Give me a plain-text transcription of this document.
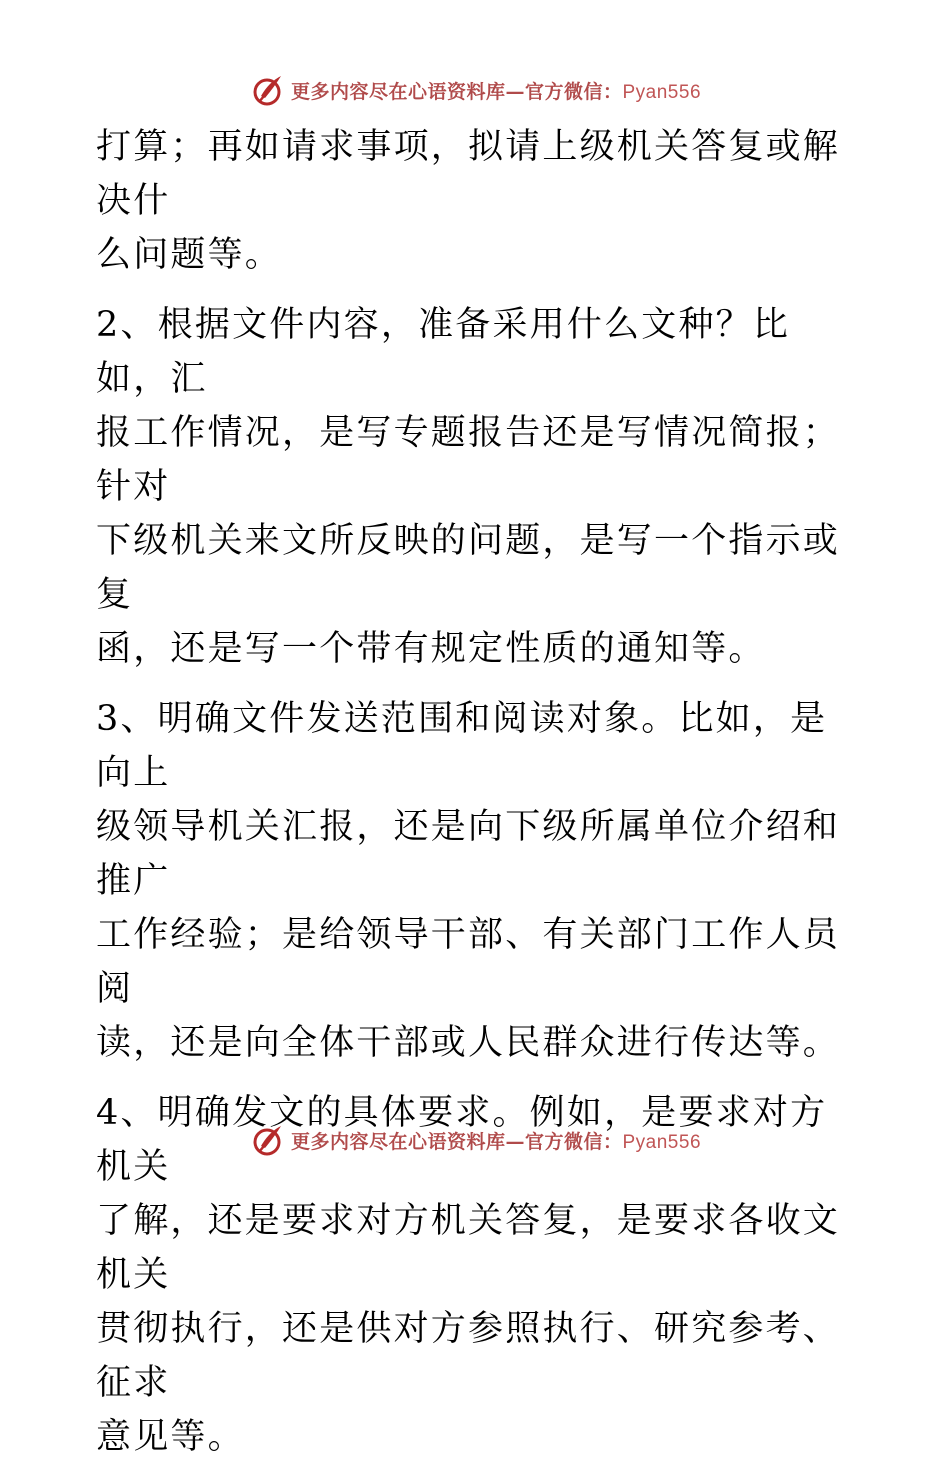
更多内容尽在心语资料库—官方微信：Pyan556

打算；再如请求事项，拟请上级机关答复或解决什
么问题等。

2、根据文件内容，准备采用什么文种？比如，汇
报工作情况，是写专题报告还是写情况简报；针对
下级机关来文所反映的问题，是写一个指示或复
函，还是写一个带有规定性质的通知等。

3、明确文件发送范围和阅读对象。比如，是向上
级领导机关汇报，还是向下级所属单位介绍和推广
工作经验；是给领导干部、有关部门工作人员阅
读，还是向全体干部或人民群众进行传达等。

4、明确发文的具体要求。例如，是要求对方机关
了解，还是要求对方机关答复，是要求各收文机关
贯彻执行，还是供对方参照执行、研究参考、征求
意见等。

更多内容尽在心语资料库—官方微信：Pyan556
